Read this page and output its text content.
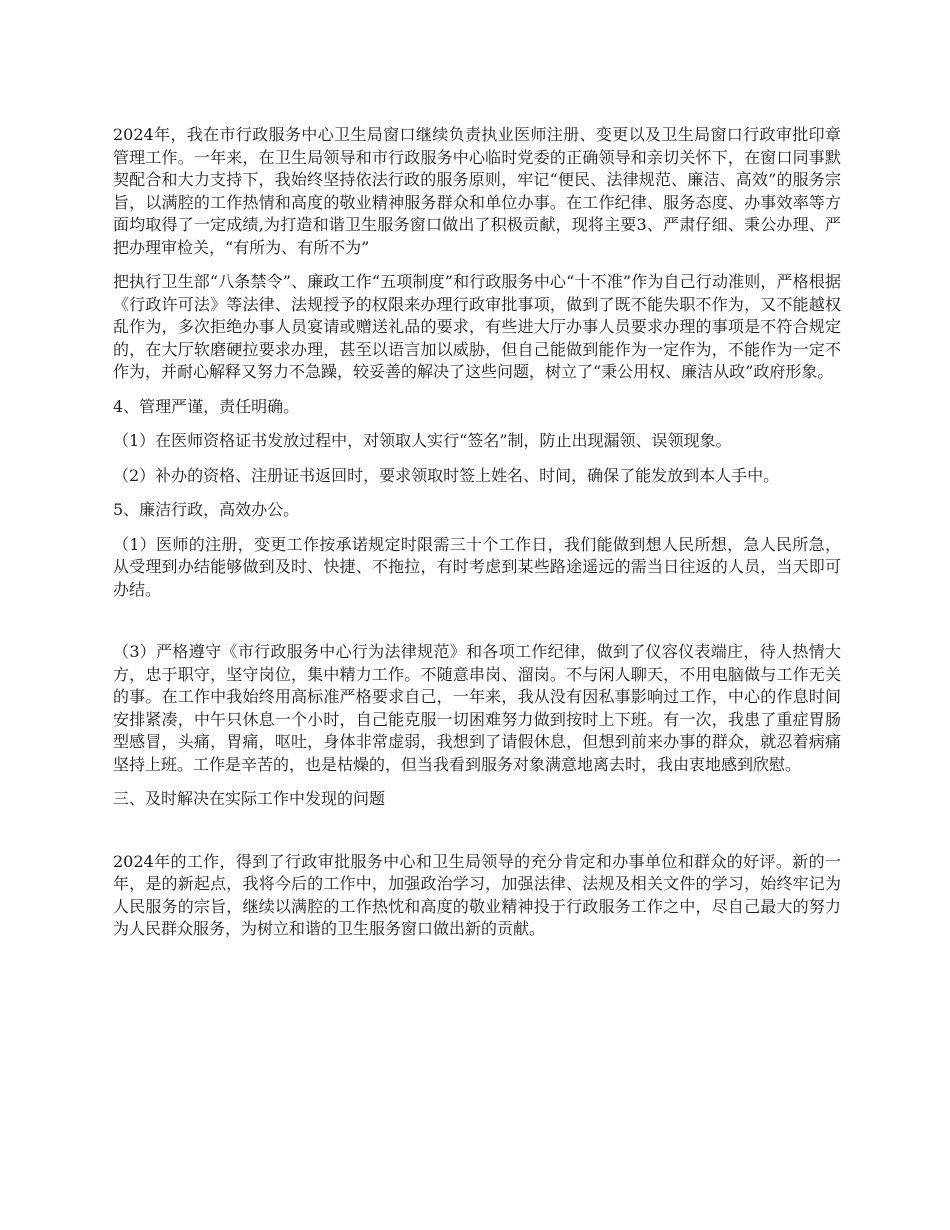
2024年，我在市行政服务中心卫生局窗口继续负责执业医师注册、变更以及卫生局窗口行政审批印章管理工作。一年来，在卫生局领导和市行政服务中心临时党委的正确领导和亲切关怀下，在窗口同事默契配合和大力支持下，我始终坚持依法行政的服务原则，牢记“便民、法律规范、廉洁、高效”的服务宗旨，以满腔的工作热情和高度的敬业精神服务群众和单位办事。在工作纪律、服务态度、办事效率等方面均取得了一定成绩,为打造和谐卫生服务窗口做出了积极贡献，现将主要3、严肃仔细、秉公办理、严把办理审检关，“有所为、有所不为”

把执行卫生部“八条禁令”、廉政工作“五项制度”和行政服务中心“十不准”作为自己行动准则，严格根据《行政许可法》等法律、法规授予的权限来办理行政审批事项，做到了既不能失职不作为，又不能越权乱作为，多次拒绝办事人员宴请或赠送礼品的要求，有些进大厅办事人员要求办理的事项是不符合规定的，在大厅软磨硬拉要求办理，甚至以语言加以威胁，但自己能做到能作为一定作为，不能作为一定不作为，并耐心解释又努力不急躁，较妥善的解决了这些问题，树立了“秉公用权、廉洁从政”政府形象。

4、管理严谨，责任明确。

（1）在医师资格证书发放过程中，对领取人实行“签名”制，防止出现漏领、误领现象。

（2）补办的资格、注册证书返回时，要求领取时签上姓名、时间，确保了能发放到本人手中。

5、廉洁行政，高效办公。

（1）医师的注册，变更工作按承诺规定时限需三十个工作日，我们能做到想人民所想，急人民所急，从受理到办结能够做到及时、快捷、不拖拉，有时考虑到某些路途遥远的需当日往返的人员，当天即可办结。

（3）严格遵守《市行政服务中心行为法律规范》和各项工作纪律，做到了仪容仪表端庄，待人热情大方，忠于职守，坚守岗位，集中精力工作。不随意串岗、溜岗。不与闲人聊天，不用电脑做与工作无关的事。在工作中我始终用高标准严格要求自己，一年来，我从没有因私事影响过工作，中心的作息时间安排紧凑，中午只休息一个小时，自己能克服一切困难努力做到按时上下班。有一次，我患了重症胃肠型感冒，头痛，胃痛，呕吐，身体非常虚弱，我想到了请假休息，但想到前来办事的群众，就忍着病痛坚持上班。工作是辛苦的，也是枯燥的，但当我看到服务对象满意地离去时，我由衷地感到欣慰。

三、及时解决在实际工作中发现的问题

2024年的工作，得到了行政审批服务中心和卫生局领导的充分肯定和办事单位和群众的好评。新的一年，是的新起点，我将今后的工作中，加强政治学习，加强法律、法规及相关文件的学习，始终牢记为人民服务的宗旨，继续以满腔的工作热忱和高度的敬业精神投于行政服务工作之中，尽自己最大的努力为人民群众服务，为树立和谐的卫生服务窗口做出新的贡献。
